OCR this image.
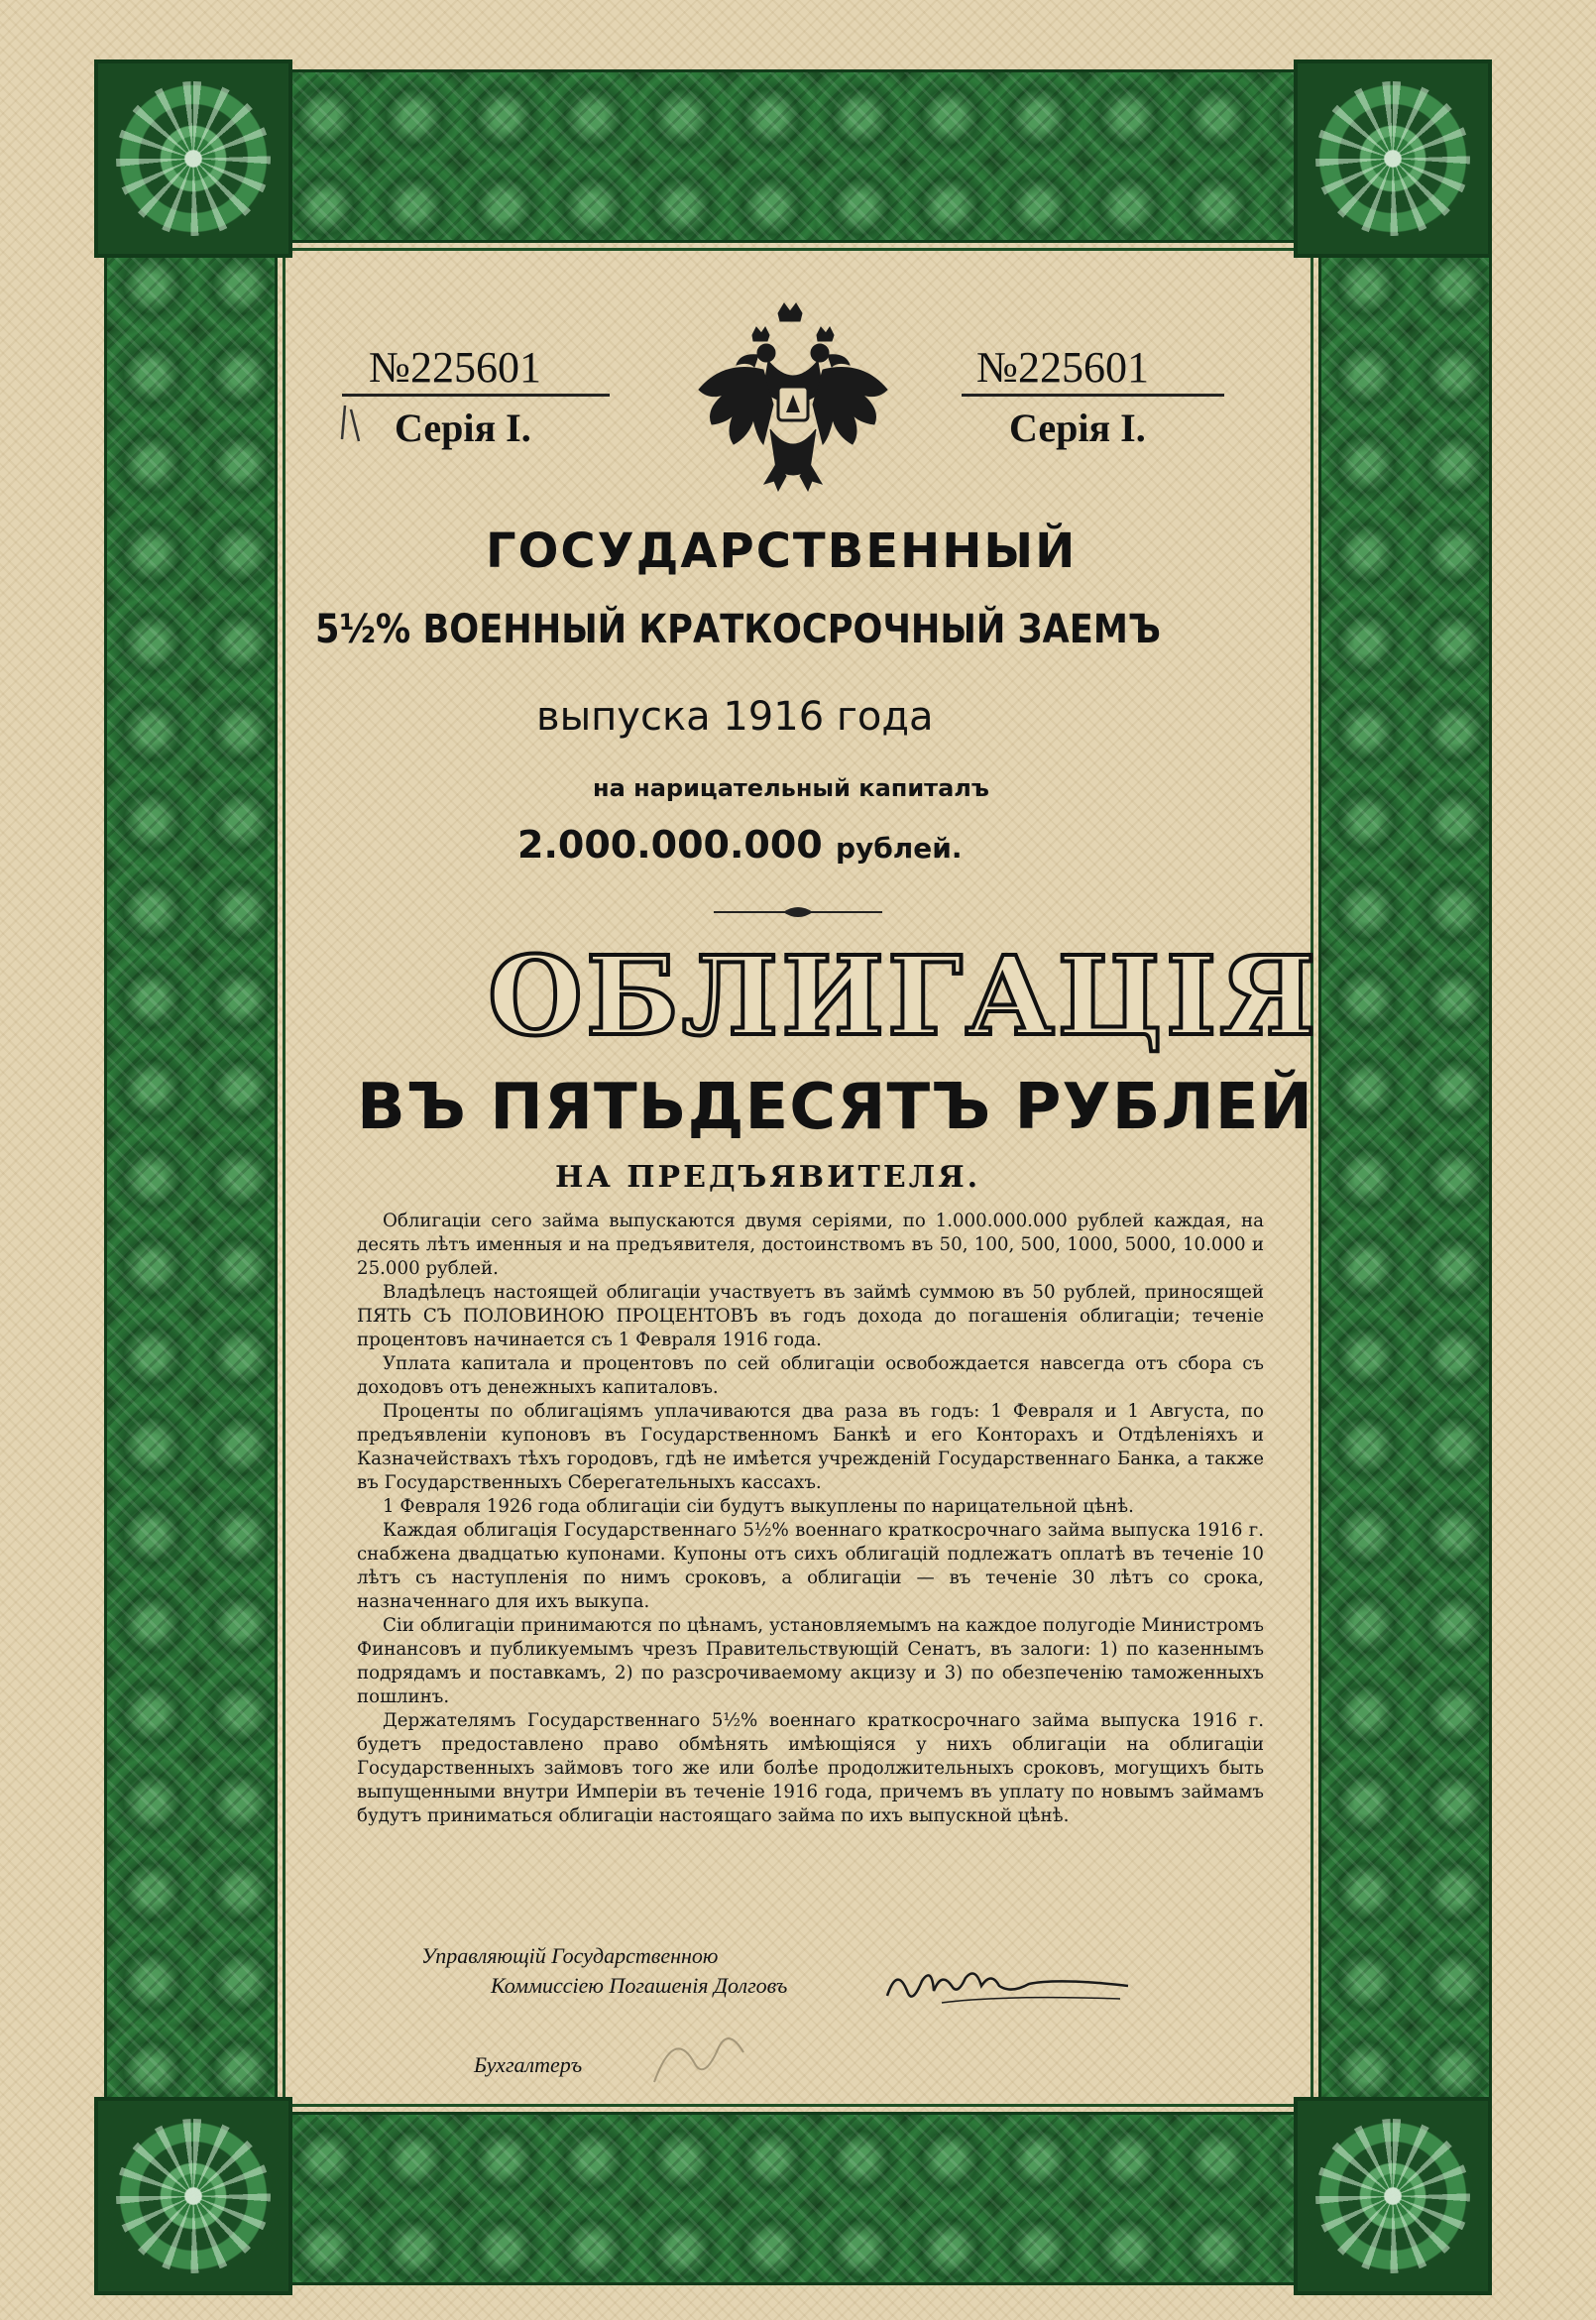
№225601
Серія I.
№225601
Серія I.
ГОСУДАРСТВЕННЫЙ
5½% ВОЕННЫЙ КРАТКОСРОЧНЫЙ ЗАЕМЪ
выпуска 1916 года
на нарицательный капиталъ
2.000.000.000 рублей.
ОБЛИГАЦІЯ
ВЪ ПЯТЬДЕСЯТЪ РУБЛЕЙ
НА ПРЕДЪЯВИТЕЛЯ.

Облигаціи сего займа выпускаются двумя серіями, по 1.000.000.000 рублей каждая, на десять лѣтъ именныя и на предъявителя, достоинствомъ въ 50, 100, 500, 1000, 5000, 10.000 и 25.000 рублей.

Владѣлецъ настоящей облигаціи участвуетъ въ займѣ суммою въ 50 рублей, приносящей ПЯТЬ СЪ ПОЛОВИНОЮ ПРОЦЕНТОВЪ въ годъ дохода до погашенія облигаціи; теченіе процентовъ начинается съ 1 Февраля 1916 года.

Уплата капитала и процентовъ по сей облигаціи освобождается навсегда отъ сбора съ доходовъ отъ денежныхъ капиталовъ.

Проценты по облигаціямъ уплачиваются два раза въ годъ: 1 Февраля и 1 Августа, по предъявленіи купоновъ въ Государственномъ Банкѣ и его Конторахъ и Отдѣленіяхъ и Казначействахъ тѣхъ городовъ, гдѣ не имѣется учрежденій Государственнаго Банка, а также въ Государственныхъ Сберегательныхъ кассахъ.

1 Февраля 1926 года облигаціи сіи будутъ выкуплены по нарицательной цѣнѣ.

Каждая облигація Государственнаго 5½% военнаго краткосрочнаго займа выпуска 1916 г. снабжена двадцатью купонами. Купоны отъ сихъ облигацій подлежатъ оплатѣ въ теченіе 10 лѣтъ съ наступленія по нимъ сроковъ, а облигаціи — въ теченіе 30 лѣтъ со срока, назначеннаго для ихъ выкупа.

Сіи облигаціи принимаются по цѣнамъ, установляемымъ на каждое полугодіе Министромъ Финансовъ и публикуемымъ чрезъ Правительствующій Сенатъ, въ залоги: 1) по казеннымъ подрядамъ и поставкамъ, 2) по разсрочиваемому акцизу и 3) по обезпеченію таможенныхъ пошлинъ.

Держателямъ Государственнаго 5½% военнаго краткосрочнаго займа выпуска 1916 г. будетъ предоставлено право обмѣнять имѣющіяся у нихъ облигаціи на облигаціи Государственныхъ займовъ того же или болѣе продолжительныхъ сроковъ, могущихъ быть выпущенными внутри Имперіи въ теченіе 1916 года, причемъ въ уплату по новымъ займамъ будутъ приниматься облигаціи настоящаго займа по ихъ выпускной цѣнѣ.

Управляющій Государственною
Коммиссіею Погашенія Долговъ
Бухгалтеръ
